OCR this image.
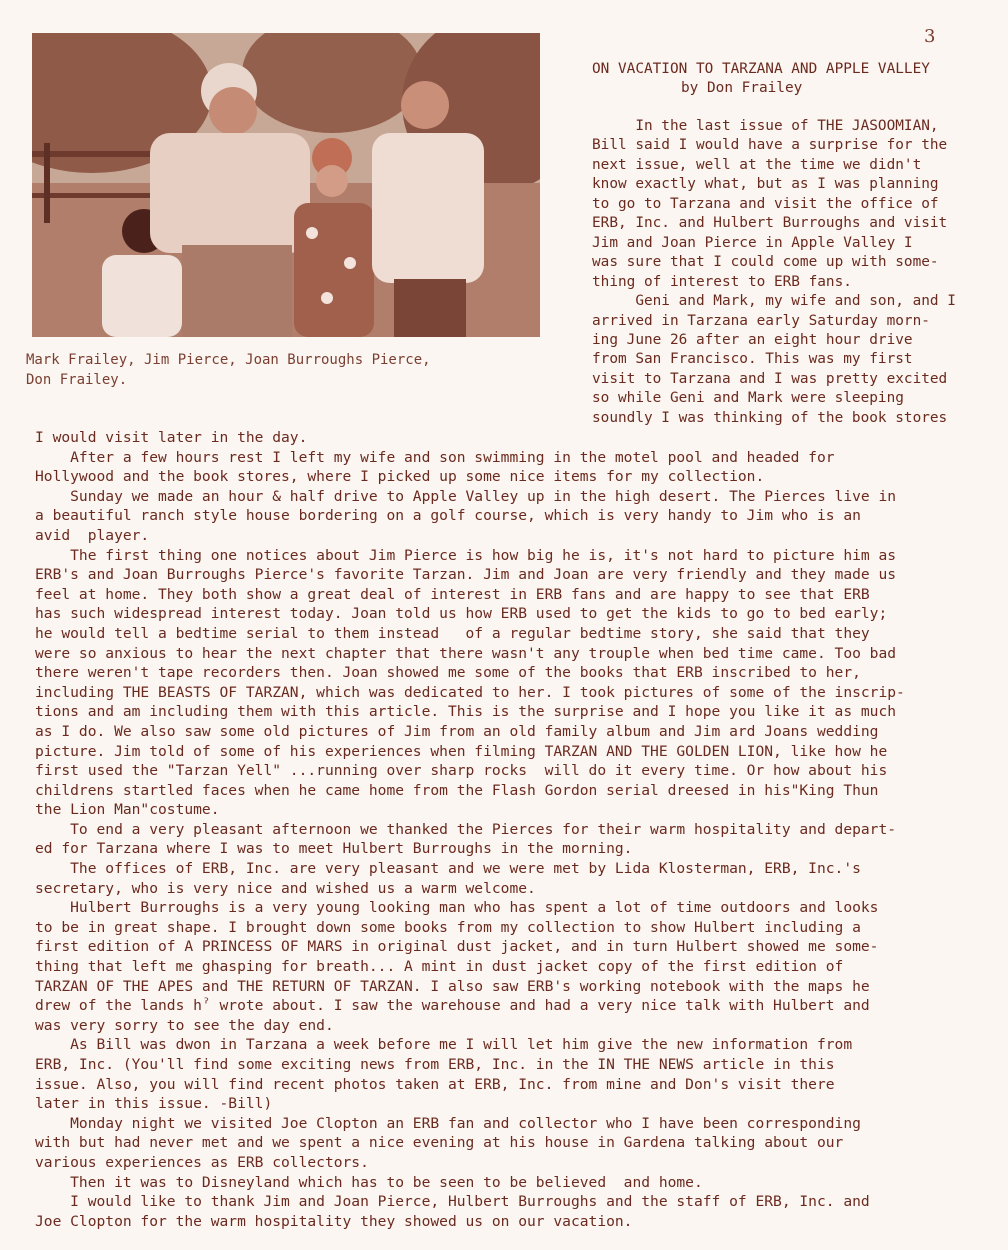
3
Mark Frailey, Jim Pierce, Joan Burroughs Pierce,
Don Frailey.
ON VACATION TO TARZANA AND APPLE VALLEY
by Don Frailey

In the last issue of THE JASOOMIAN,
Bill said I would have a surprise for the
next issue, well at the time we didn't
know exactly what, but as I was planning
to go to Tarzana and visit the office of
ERB, Inc. and Hulbert Burroughs and visit
Jim and Joan Pierce in Apple Valley I
was sure that I could come up with some-
thing of interest to ERB fans.

Geni and Mark, my wife and son, and I
arrived in Tarzana early Saturday morn-
ing June 26 after an eight hour drive
from San Francisco. This was my first
visit to Tarzana and I was pretty excited
so while Geni and Mark were sleeping
soundly I was thinking of the book stores

I would visit later in the day.

After a few hours rest I left my wife and son swimming in the motel pool and headed for
Hollywood and the book stores, where I picked up some nice items for my collection.

Sunday we made an hour & half drive to Apple Valley up in the high desert. The Pierces live in
a beautiful ranch style house bordering on a golf course, which is very handy to Jim who is an
avid  player.

The first thing one notices about Jim Pierce is how big he is, it's not hard to picture him as
ERB's and Joan Burroughs Pierce's favorite Tarzan. Jim and Joan are very friendly and they made us
feel at home. They both show a great deal of interest in ERB fans and are happy to see that ERB
has such widespread interest today. Joan told us how ERB used to get the kids to go to bed early;
he would tell a bedtime serial to them instead   of a regular bedtime story, she said that they
were so anxious to hear the next chapter that there wasn't any trouple when bed time came. Too bad
there weren't tape recorders then. Joan showed me some of the books that ERB inscribed to her,
including THE BEASTS OF TARZAN, which was dedicated to her. I took pictures of some of the inscrip-
tions and am including them with this article. This is the surprise and I hope you like it as much
as I do. We also saw some old pictures of Jim from an old family album and Jim ard Joans wedding
picture. Jim told of some of his experiences when filming TARZAN AND THE GOLDEN LION, like how he
first used the "Tarzan Yell" ...running over sharp rocks  will do it every time. Or how about his
childrens startled faces when he came home from the Flash Gordon serial dreesed in his"King Thun
the Lion Man"costume.

To end a very pleasant afternoon we thanked the Pierces for their warm hospitality and depart-
ed for Tarzana where I was to meet Hulbert Burroughs in the morning.

The offices of ERB, Inc. are very pleasant and we were met by Lida Klosterman, ERB, Inc.'s
secretary, who is very nice and wished us a warm welcome.

Hulbert Burroughs is a very young looking man who has spent a lot of time outdoors and looks
to be in great shape. I brought down some books from my collection to show Hulbert including a
first edition of A PRINCESS OF MARS in original dust jacket, and in turn Hulbert showed me some-
thing that left me ghasping for breath... A mint in dust jacket copy of the first edition of
TARZAN OF THE APES and THE RETURN OF TARZAN. I also saw ERB's working notebook with the maps he
drew of the lands hˀ wrote about. I saw the warehouse and had a very nice talk with Hulbert and
was very sorry to see the day end.

As Bill was dwon in Tarzana a week before me I will let him give the new information from
ERB, Inc. (You'll find some exciting news from ERB, Inc. in the IN THE NEWS article in this
issue. Also, you will find recent photos taken at ERB, Inc. from mine and Don's visit there
later in this issue. -Bill)

Monday night we visited Joe Clopton an ERB fan and collector who I have been corresponding
with but had never met and we spent a nice evening at his house in Gardena talking about our
various experiences as ERB collectors.

Then it was to Disneyland which has to be seen to be believed  and home.

I would like to thank Jim and Joan Pierce, Hulbert Burroughs and the staff of ERB, Inc. and
Joe Clopton for the warm hospitality they showed us on our vacation.
